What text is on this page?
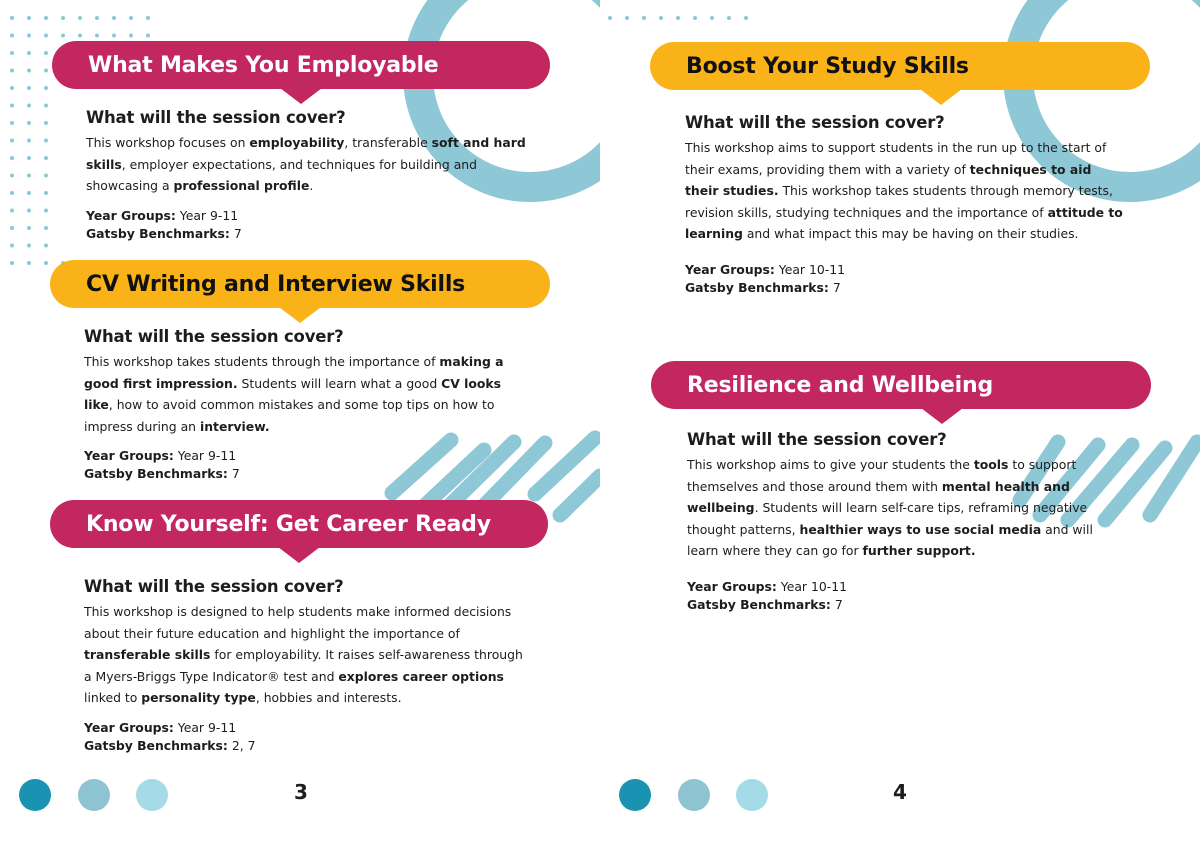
What Makes You Employable
What will the session cover?
This workshop focuses on employability, transferable soft and hard skills, employer expectations, and techniques for building and showcasing a professional profile.
Year Groups: Year 9-11
Gatsby Benchmarks: 7
CV Writing and Interview Skills
What will the session cover?
This workshop takes students through the importance of making a good first impression. Students will learn what a good CV looks like, how to avoid common mistakes and some top tips on how to impress during an interview.
Year Groups: Year 9-11
Gatsby Benchmarks: 7
Know Yourself: Get Career Ready
What will the session cover?
This workshop is designed to help students make informed decisions about their future education and highlight the importance of transferable skills for employability. It raises self-awareness through a Myers-Briggs Type Indicator® test and explores career options linked to personality type, hobbies and interests.
Year Groups: Year 9-11
Gatsby Benchmarks: 2, 7
3
Boost Your Study Skills
What will the session cover?
This workshop aims to support students in the run up to the start of their exams, providing them with a variety of techniques to aid their studies. This workshop takes students through memory tests, revision skills, studying techniques and the importance of attitude to learning and what impact this may be having on their studies.
Year Groups: Year 10-11
Gatsby Benchmarks: 7
Resilience and Wellbeing
What will the session cover?
This workshop aims to give your students the tools to support themselves and those around them with mental health and wellbeing. Students will learn self-care tips, reframing negative thought patterns, healthier ways to use social media and will learn where they can go for further support.
Year Groups: Year 10-11
Gatsby Benchmarks: 7
4
